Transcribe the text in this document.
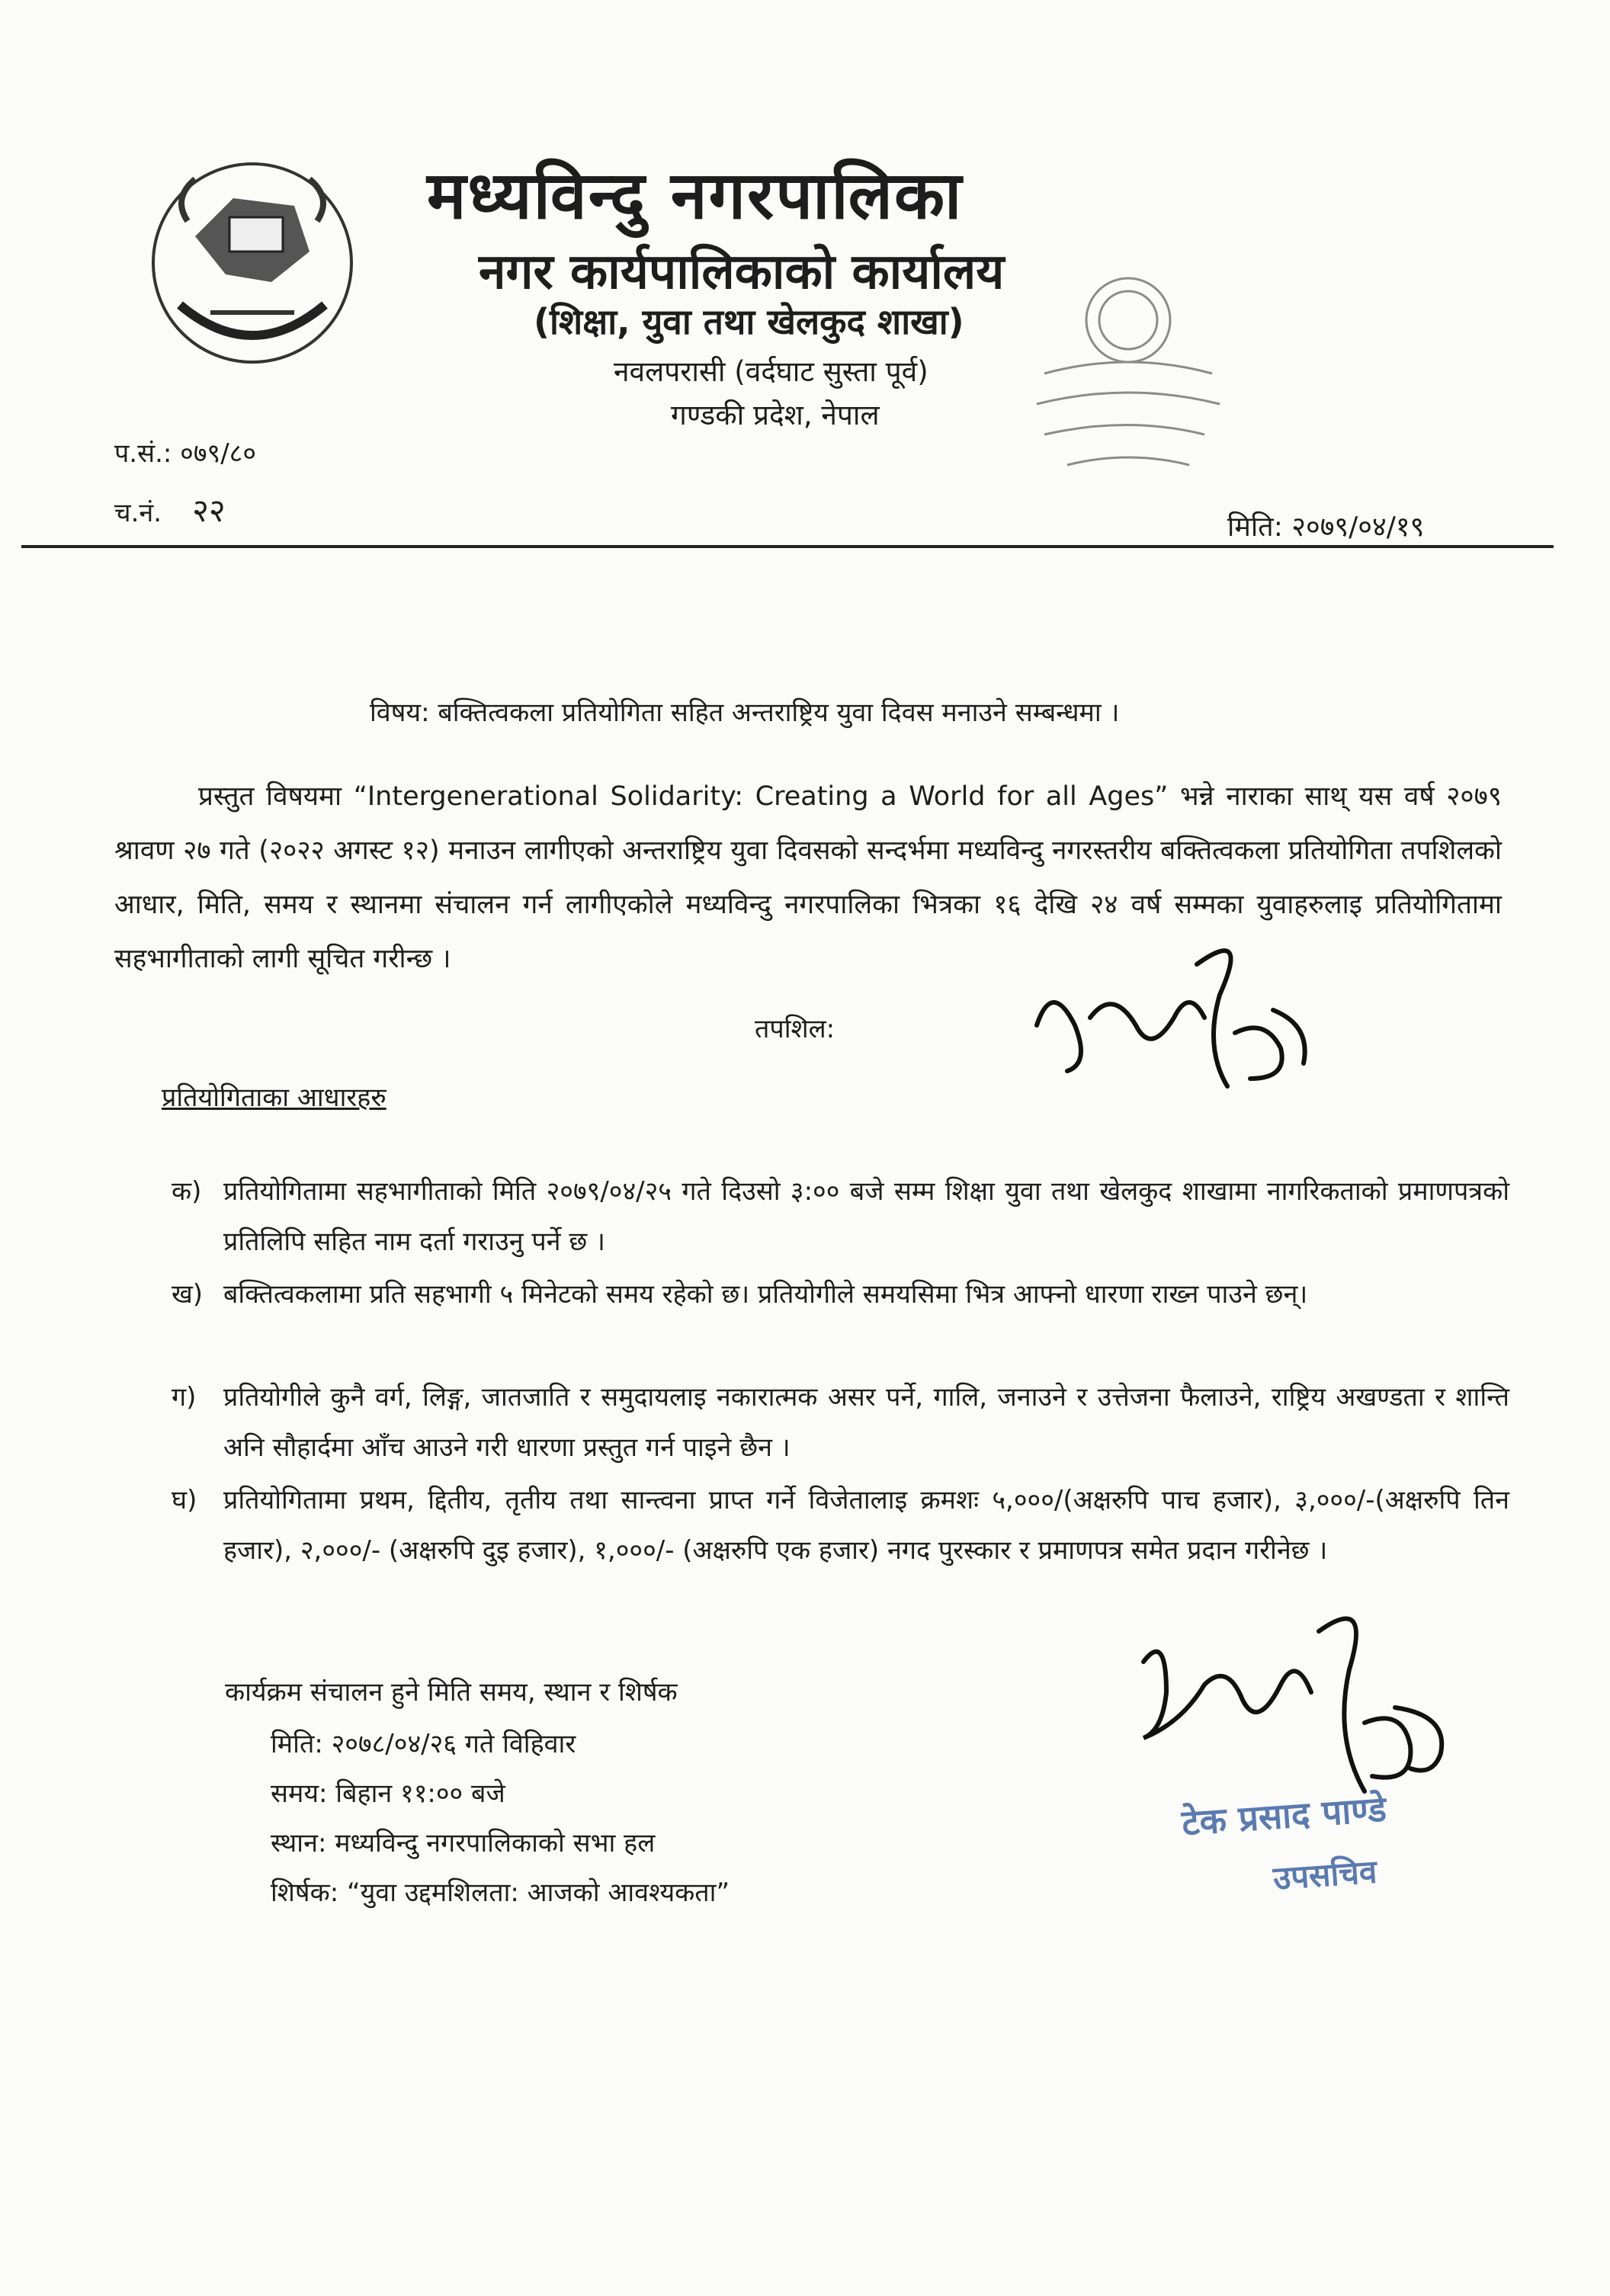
मध्यविन्दु नगरपालिका
नगर कार्यपालिकाको कार्यालय
(शिक्षा, युवा तथा खेलकुद शाखा)
नवलपरासी (वर्दघाट सुस्ता पूर्व)
गण्डकी प्रदेश, नेपाल
प.सं.: ०७९/८०
च.नं. २२	मिति: २०७९/०४/१९
विषय: बक्तित्वकला प्रतियोगिता सहित अन्तराष्ट्रिय युवा दिवस मनाउने सम्बन्धमा ।
प्रस्तुत विषयमा “Intergenerational Solidarity: Creating a World for all Ages” भन्ने नाराका साथ् यस वर्ष २०७९ श्रावण २७ गते (२०२२ अगस्ट १२) मनाउन लागीएको अन्तराष्ट्रिय युवा दिवसको सन्दर्भमा मध्यविन्दु नगरस्तरीय बक्तित्वकला प्रतियोगिता तपशिलको आधार, मिति, समय र स्थानमा संचालन गर्न लागीएकोले मध्यविन्दु नगरपालिका भित्रका १६ देखि २४ वर्ष सम्मका युवाहरुलाइ प्रतियोगितामा सहभागीताको लागी सूचित गरीन्छ ।
तपशिल:
प्रतियोगिताका आधारहरु
क) प्रतियोगितामा सहभागीताको मिति २०७९/०४/२५ गते दिउसो ३:०० बजे सम्म शिक्षा युवा तथा खेलकुद शाखामा नागरिकताको प्रमाणपत्रको प्रतिलिपि सहित नाम दर्ता गराउनु पर्ने छ ।
ख) बक्तित्वकलामा प्रति सहभागी ५ मिनेटको समय रहेको छ। प्रतियोगीले समयसिमा भित्र आफ्नो धारणा राख्न पाउने छन्।
ग)	प्रतियोगीले कुनै वर्ग, लिङ्ग, जातजाति र समुदायलाइ नकारात्मक असर पर्ने, गालि, जनाउने र उत्तेजना फैलाउने, राष्ट्रिय अखण्डता र शान्ति अनि सौहार्दमा आँच आउने गरी धारणा प्रस्तुत गर्न पाइने छैन ।
घ)	प्रतियोगितामा प्रथम, द्दितीय, तृतीय तथा सान्त्वना प्राप्त गर्ने विजेतालाइ क्रमशः ५,०००/(अक्षरुपि पाच हजार), ३,०००/-(अक्षरुपि तिन हजार), २,०००/- (अक्षरुपि दुइ हजार), १,०००/- (अक्षरुपि एक हजार) नगद पुरस्कार र प्रमाणपत्र समेत प्रदान गरीनेछ ।
कार्यक्रम संचालन हुने मिति समय, स्थान र शिर्षक
मिति: २०७८/०४/२६ गते विहिवार
समय: बिहान ११:०० बजे
स्थान: मध्यविन्दु नगरपालिकाको सभा हल
शिर्षक: “युवा उद्दमशिलता: आजको आवश्यकता”
टेक प्रसाद पाण्डे
उपसचिव
